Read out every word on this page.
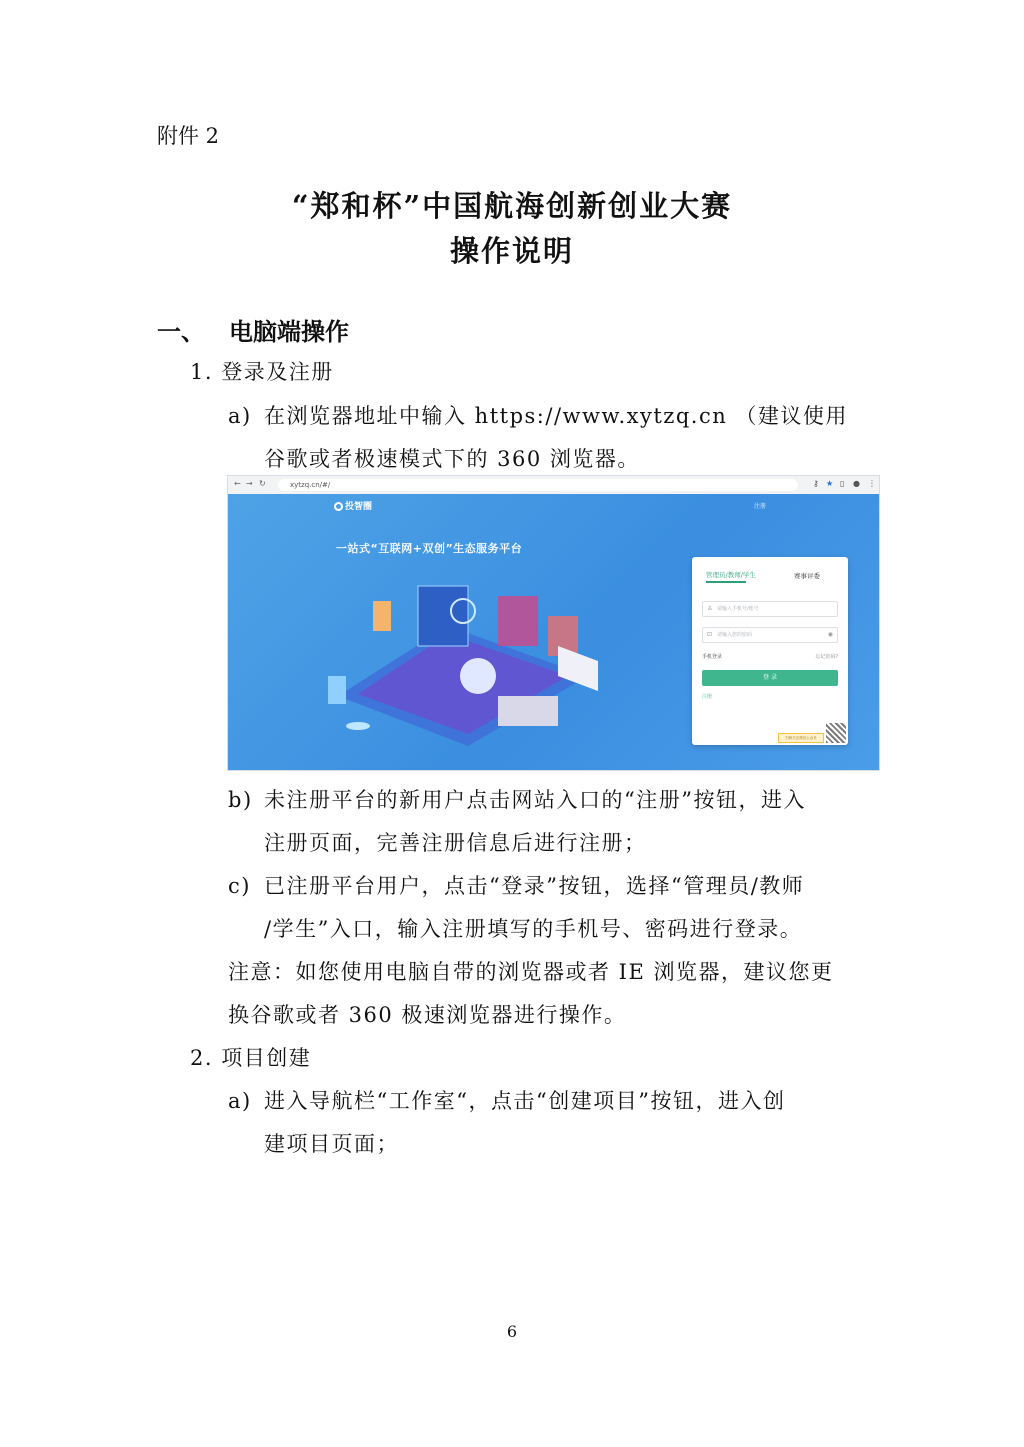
附件 2
“郑和杯”中国航海创新创业大赛
操作说明
一、 电脑端操作
1. 登录及注册
a) 在浏览器地址中输入 https://www.xytzq.cn （建议使用
谷歌或者极速模式下的 360 浏览器。
← → ↻	xytzq.cn/#/	⚷ ★ ▯ ● ⋮
投智圈	注册
一站式“互联网+双创”生态服务平台
管理员/教师/学生	赛事评委
♙ 请输入手机号/账号
⊡ 请输入您的密码	◉
手机登录	忘记密码?
登 录
注册
扫码关注微信公众号
b) 未注册平台的新用户点击网站入口的“注册”按钮，进入
注册页面，完善注册信息后进行注册；
c) 已注册平台用户，点击“登录”按钮，选择“管理员/教师
/学生”入口，输入注册填写的手机号、密码进行登录。
注意：如您使用电脑自带的浏览器或者 IE 浏览器，建议您更
换谷歌或者 360 极速浏览器进行操作。
2. 项目创建
a) 进入导航栏“工作室“，点击“创建项目”按钮，进入创
建项目页面；
6
